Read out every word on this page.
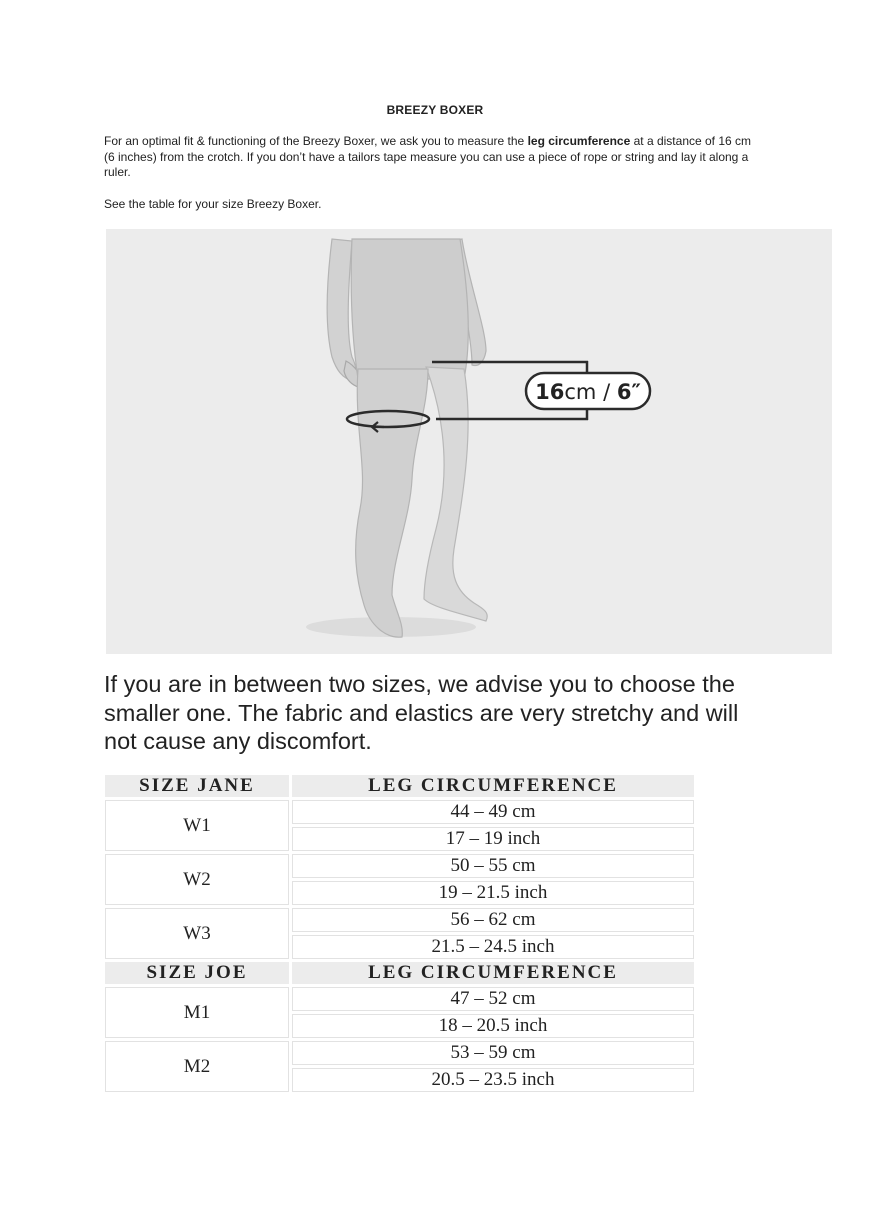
BREEZY BOXER

For an optimal fit & functioning of the Breezy Boxer, we ask you to measure the leg circumference at a distance of 16 cm (6 inches) from the crotch. If you don’t have a tailors tape measure you can use a piece of rope or string and lay it along a ruler.

See the table for your size Breezy Boxer.

16cm / 6″

If you are in between two sizes, we advise you to choose the smaller one. The fabric and elastics are very stretchy and will not cause any discomfort.

SIZE JANE	LEG CIRCUMFERENCE
W1	44 – 49 cm
	17 – 19 inch
W2	50 – 55 cm
	19 – 21.5 inch
W3	56 – 62 cm
	21.5 – 24.5 inch
SIZE JOE	LEG CIRCUMFERENCE
M1	47 – 52 cm
	18 – 20.5 inch
M2	53 – 59 cm
	20.5 – 23.5 inch
